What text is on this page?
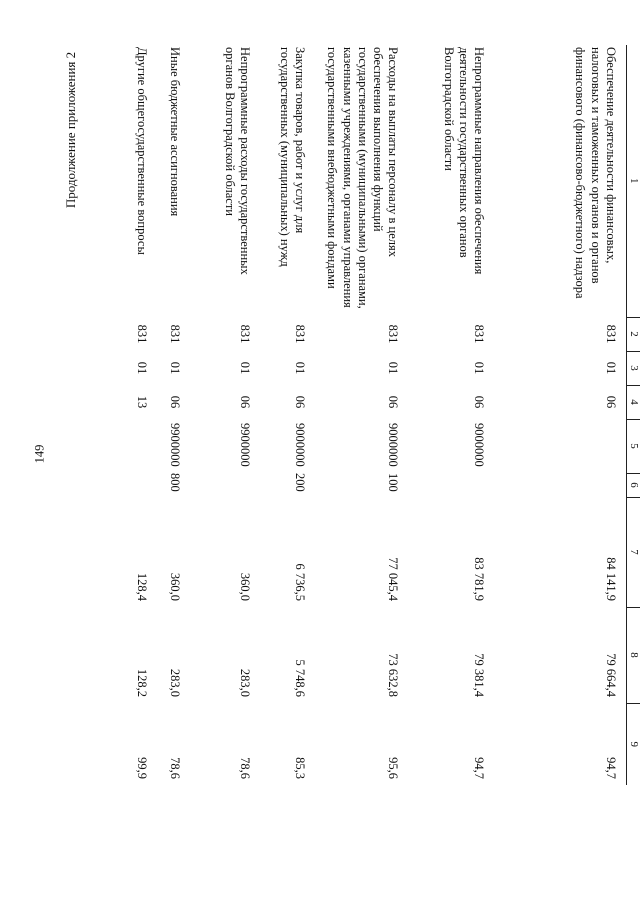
149
Продолжение приложения 2	1	2	3	4	5	6	7	8	9
Обеспечение деятельности финансовых, налоговых и таможенных органов и органов финансового (финансово-бюджетного) надзора	831	01	06			84 141,9	79 664,4	94,7
Непрограммные направления обеспечения деятельности государственных органов Волгоградской области	831	01	06	9000000		83 781,9	79 381,4	94,7
Расходы на выплаты персоналу в целях обеспечения выполнения функций государственными (муниципальными) органами, казенными учреждениями, органами управления государственными внебюджетными фондами	831	01	06	9000000	100	77 045,4	73 632,8	95,6
Закупка товаров, работ и услуг для государственных (муниципальных) нужд	831	01	06	9000000	200	6 736,5	5 748,6	85,3
Непрограммные расходы государственных органов Волгоградской области	831	01	06	9900000		360,0	283,0	78,6
Иные бюджетные ассигнования	831	01	06	9900000	800	360,0	283,0	78,6
Другие общегосударственные вопросы	831	01	13			128,4	128,2	99,9
